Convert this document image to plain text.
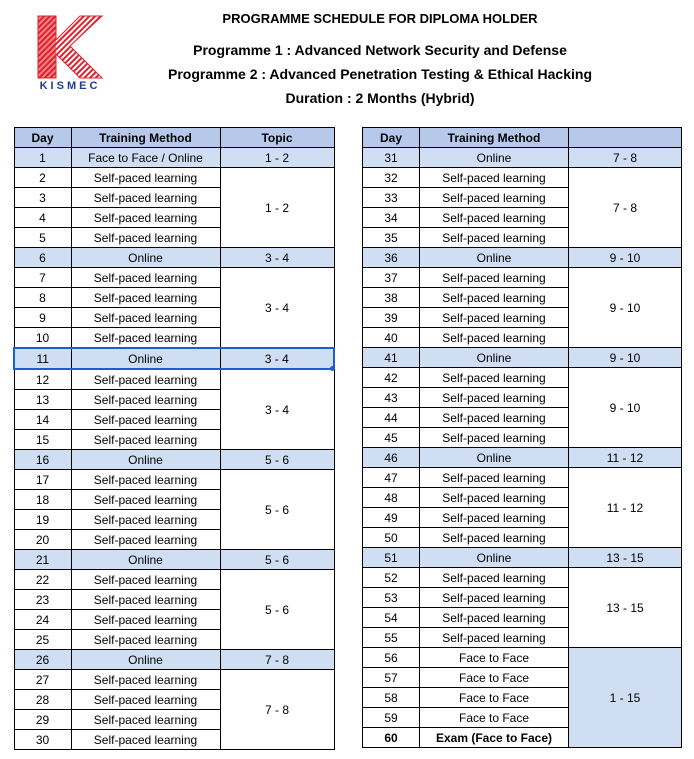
KISMEC
PROGRAMME SCHEDULE FOR DIPLOMA HOLDER
Programme 1 : Advanced Network Security and Defense
Programme 2 : Advanced Penetration Testing & Ethical Hacking
Duration : 2 Months (Hybrid)
Day	Training Method	Topic
1	Face to Face / Online	1 - 2
2	Self-paced learning	1 - 2
3	Self-paced learning	
4	Self-paced learning	
5	Self-paced learning	
6	Online	3 - 4
7	Self-paced learning	3 - 4
8	Self-paced learning	
9	Self-paced learning	
10	Self-paced learning	
11	Online	3 - 4
12	Self-paced learning	3 - 4
13	Self-paced learning	
14	Self-paced learning	
15	Self-paced learning	
16	Online	5 - 6
17	Self-paced learning	5 - 6
18	Self-paced learning	
19	Self-paced learning	
20	Self-paced learning	
21	Online	5 - 6
22	Self-paced learning	5 - 6
23	Self-paced learning	
24	Self-paced learning	
25	Self-paced learning	
26	Online	7 - 8
27	Self-paced learning	7 - 8
28	Self-paced learning	
29	Self-paced learning	
30	Self-paced learning	
Day	Training Method	
31	Online	7 - 8
32	Self-paced learning	7 - 8
33	Self-paced learning	
34	Self-paced learning	
35	Self-paced learning	
36	Online	9 - 10
37	Self-paced learning	9 - 10
38	Self-paced learning	
39	Self-paced learning	
40	Self-paced learning	
41	Online	9 - 10
42	Self-paced learning	9 - 10
43	Self-paced learning	
44	Self-paced learning	
45	Self-paced learning	
46	Online	11 - 12
47	Self-paced learning	11 - 12
48	Self-paced learning	
49	Self-paced learning	
50	Self-paced learning	
51	Online	13 - 15
52	Self-paced learning	13 - 15
53	Self-paced learning	
54	Self-paced learning	
55	Self-paced learning	
56	Face to Face	1 - 15
57	Face to Face	
58	Face to Face	
59	Face to Face	
60	Exam (Face to Face)	
